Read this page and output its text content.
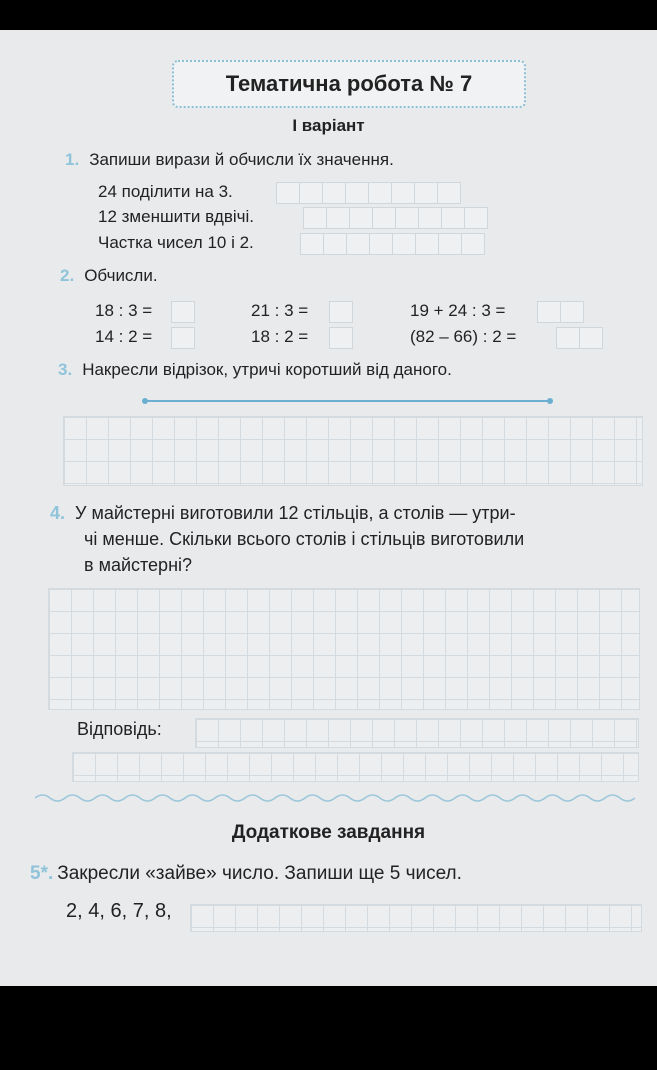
Тематична робота № 7
І варіант
1. Запиши вирази й обчисли їх значення.
24 поділити на 3.
12 зменшити вдвічі.
Частка чисел 10 і 2.
2. Обчисли.
18 : 3 =
14 : 2 =
21 : 3 =
18 : 2 =
19 + 24 : 3 =
(82 – 66) : 2 =
3. Накресли відрізок, утричі коротший від даного.
4. У майстерні виготовили 12 стільців, а столів — утри-
чі менше. Скільки всього столів і стільців виготовили
в майстерні?
Відповідь:
Додаткове завдання
5*. Закресли «зайве» число. Запиши ще 5 чисел.
2, 4, 6, 7, 8,
